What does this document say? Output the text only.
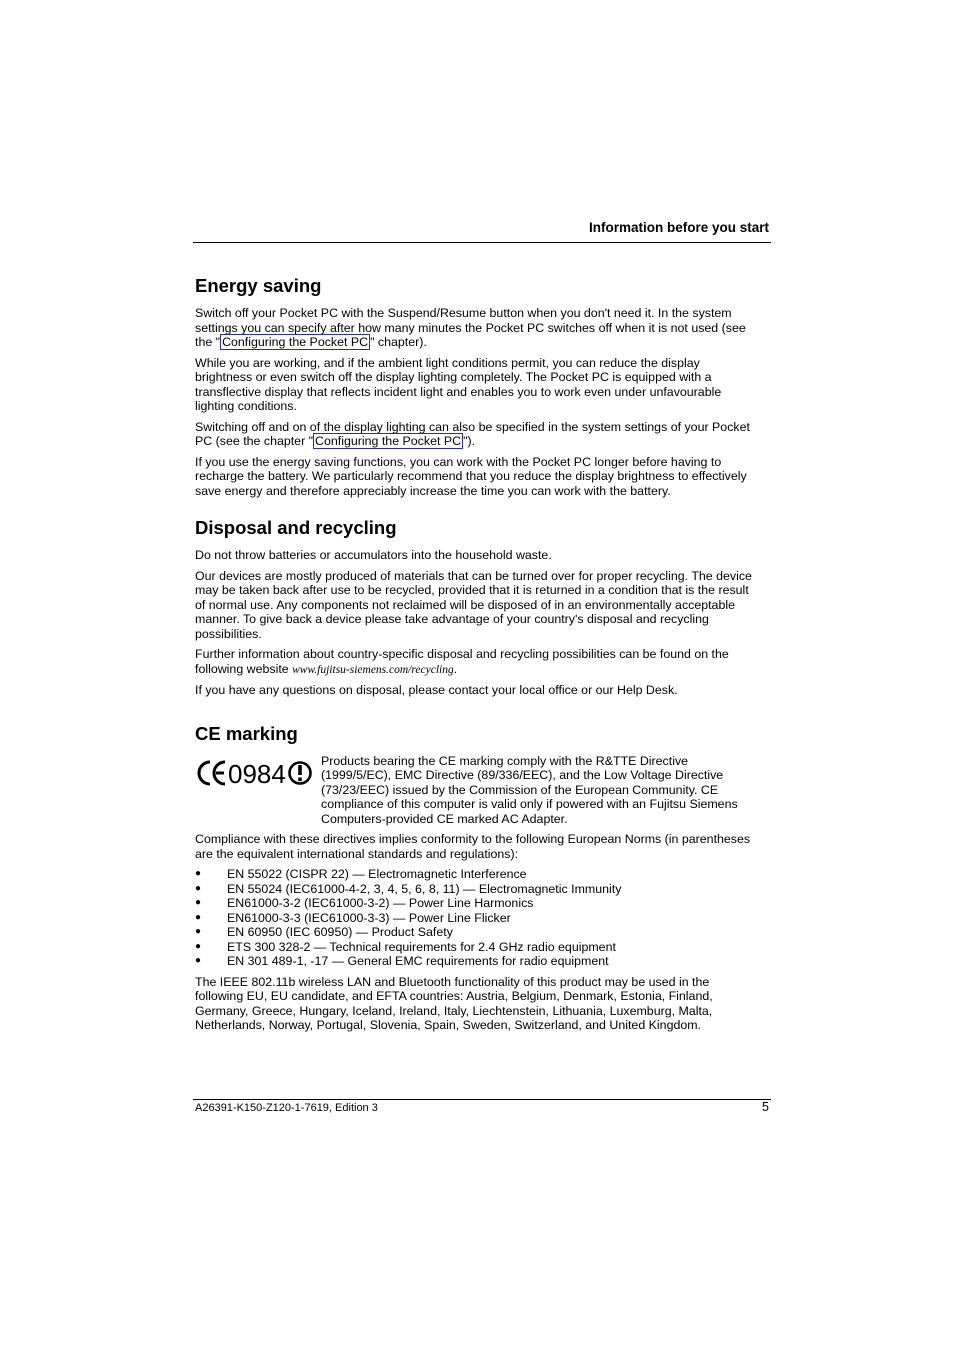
Information before you start
Energy saving

Switch off your Pocket PC with the Suspend/Resume button when you don't need it. In the system settings you can specify after how many minutes the Pocket PC switches off when it is not used (see the " Configuring the Pocket PC " chapter).

While you are working, and if the ambient light conditions permit, you can reduce the display brightness or even switch off the display lighting completely. The Pocket PC is equipped with a transflective display that reflects incident light and enables you to work even under unfavourable lighting conditions.

Switching off and on of the display lighting can also be specified in the system settings of your Pocket PC (see the chapter " Configuring the Pocket PC ").

If you use the energy saving functions, you can work with the Pocket PC longer before having to recharge the battery. We particularly recommend that you reduce the display brightness to effectively save energy and therefore appreciably increase the time you can work with the battery.

Disposal and recycling

Do not throw batteries or accumulators into the household waste.

Our devices are mostly produced of materials that can be turned over for proper recycling. The device may be taken back after use to be recycled, provided that it is returned in a condition that is the result of normal use. Any components not reclaimed will be disposed of in an environmentally acceptable manner. To give back a device please take advantage of your country's disposal and recycling possibilities.

Further information about country-specific disposal and recycling possibilities can be found on the following website www.fujitsu-siemens.com/recycling.

If you have any questions on disposal, please contact your local office or our Help Desk.

CE marking
0984	Products bearing the CE marking comply with the R&TTE Directive (1999/5/EC), EMC Directive (89/336/EEC), and the Low Voltage Directive (73/23/EEC) issued by the Commission of the European Community. CE compliance of this computer is valid only if powered with an Fujitsu Siemens Computers-provided CE marked AC Adapter.

Compliance with these directives implies conformity to the following European Norms (in parentheses are the equivalent international standards and regulations):

●	EN 55022 (CISPR 22) — Electromagnetic Interference
●	EN 55024 (IEC61000-4-2, 3, 4, 5, 6, 8, 11) — Electromagnetic Immunity
●	EN61000-3-2 (IEC61000-3-2) — Power Line Harmonics
●	EN61000-3-3 (IEC61000-3-3) — Power Line Flicker
●	EN 60950 (IEC 60950) — Product Safety
●	ETS 300 328-2 — Technical requirements for 2.4 GHz radio equipment
●	EN 301 489-1, -17 — General EMC requirements for radio equipment

The IEEE 802.11b wireless LAN and Bluetooth functionality of this product may be used in the following EU, EU candidate, and EFTA countries: Austria, Belgium, Denmark, Estonia, Finland, Germany, Greece, Hungary, Iceland, Ireland, Italy, Liechtenstein, Lithuania, Luxemburg, Malta, Netherlands, Norway, Portugal, Slovenia, Spain, Sweden, Switzerland, and United Kingdom.

A26391-K150-Z120-1-7619, Edition 3	5
